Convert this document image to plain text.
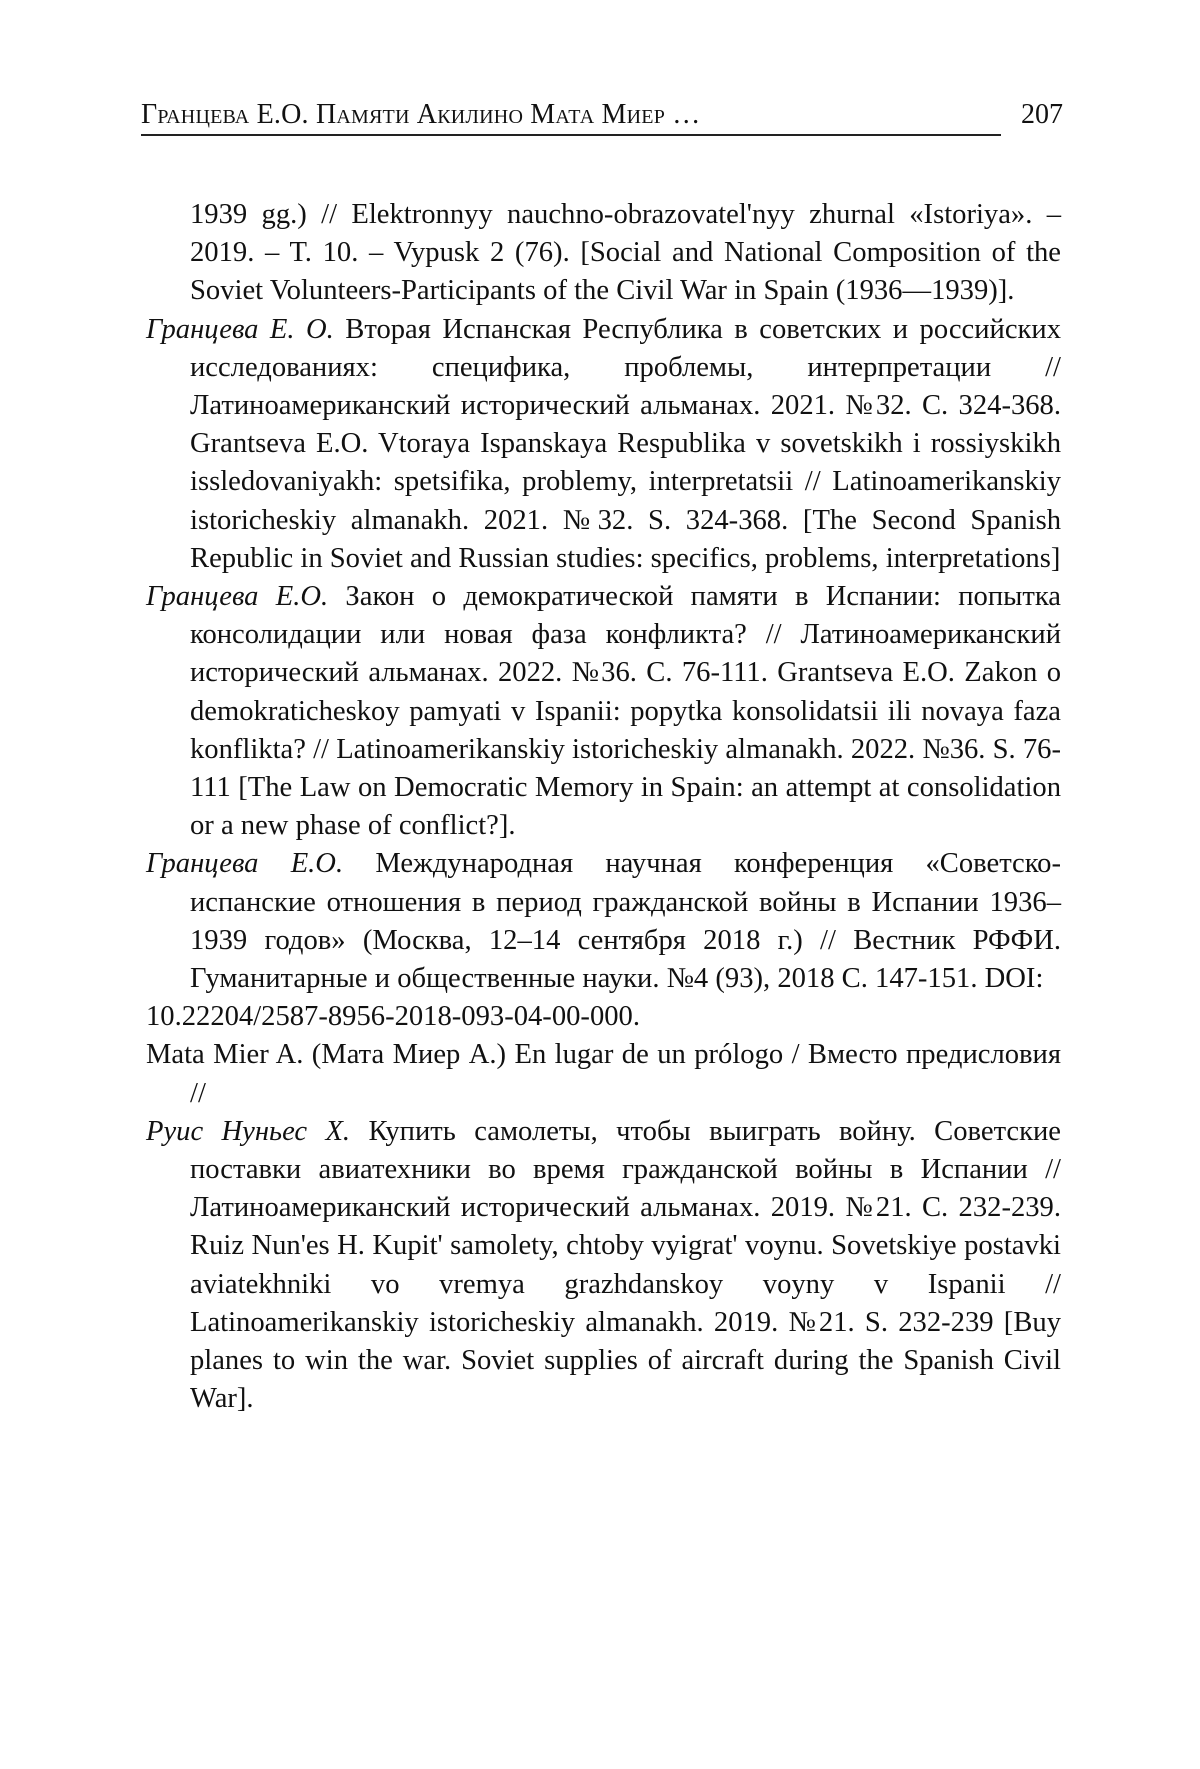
Гранцева Е.О. Памяти Акилино Мата Миер …	207

1939 gg.) // Elektronnyy nauchno-obrazovatel'nyy zhurnal «Istoriya». – 2019. – T. 10. – Vypusk 2 (76). [Social and National Composition of the Soviet Volunteers-Participants of the Civil War in Spain (1936—1939)].

Гранцева Е. О. Вторая Испанская Республика в советских и российских исследованиях: специфика, проблемы, интерпретации // Латиноамериканский исторический альманах. 2021. №32. С. 324-368. Grantseva E.O. Vtoraya Ispanskaya Respublika v sovetskikh i rossiyskikh issledovaniyakh: spetsifika, problemy, interpretatsii // Latinoamerikanskiy istoricheskiy almanakh. 2021. №32. S. 324-368. [The Second Spanish Republic in Soviet and Russian studies: specifics, problems, interpretations]

Гранцева Е.О. Закон о демократической памяти в Испании: попытка консолидации или новая фаза конфликта? // Латиноамериканский исторический альманах. 2022. №36. С. 76-111. Grantseva E.O. Zakon o demokraticheskoy pamyati v Ispanii: popytka konsolidatsii ili novaya faza konflikta? // Latinoamerikanskiy istoricheskiy almanakh. 2022. №36. S. 76-111 [The Law on Democratic Memory in Spain: an attempt at consolidation or a new phase of conflict?].

Гранцева Е.О. Международная научная конференция «Советско-испанские отношения в период гражданской войны в Испании 1936–1939 годов» (Москва, 12–14 сентября 2018 г.) // Вестник РФФИ. Гуманитарные и общественные науки. №4 (93), 2018 С. 147-151. DOI:

10.22204/2587-8956-2018-093-04-00-000.

Mata Mier A. (Мата Миер А.) En lugar de un prólogo / Вместо предисловия //

Руис Нуньес Х. Купить самолеты, чтобы выиграть войну. Советские поставки авиатехники во время гражданской войны в Испании // Латиноамериканский исторический альманах. 2019. №21. С. 232-239. Ruiz Nun'es H. Kupit' samolety, chtoby vyigrat' voynu. Sovetskiye postavki aviatekhniki vo vremya grazhdanskoy voyny v Ispanii // Latinoamerikanskiy istoricheskiy almanakh. 2019. №21. S. 232-239 [Buy planes to win the war. Soviet supplies of aircraft during the Spanish Civil War].
